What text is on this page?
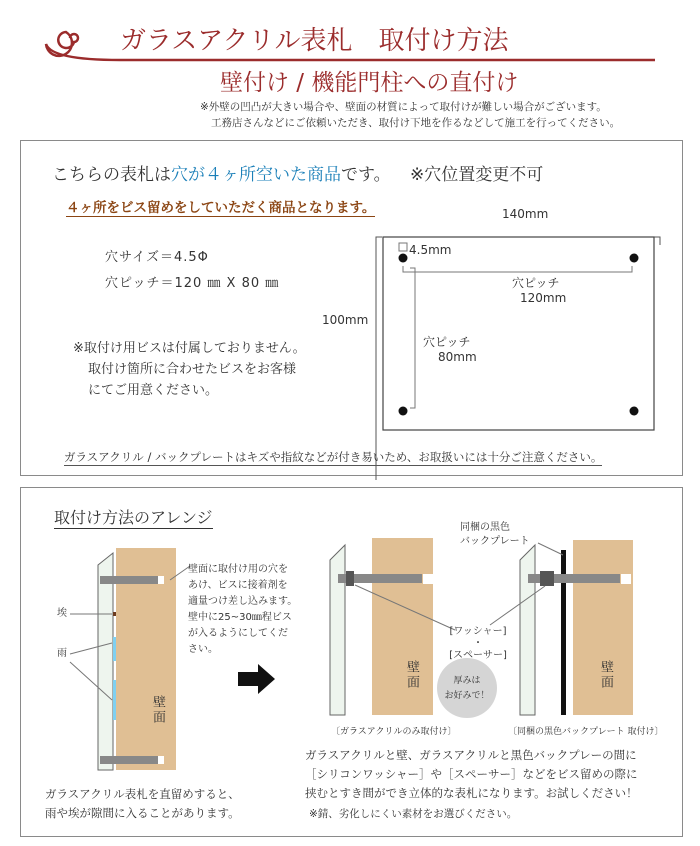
ガラスアクリル表札　取付け方法
壁付け / 機能門柱への直付け
※外壁の凹凸が大きい場合や、壁面の材質によって取付けが難しい場合がございます。
工務店さんなどにご依頼いただき、取付け下地を作るなどして施工を行ってください。
こちらの表札は穴が４ヶ所空いた商品です。 ※穴位置変更不可
４ヶ所をビス留めをしていただく商品となります。
穴サイズ＝4.5Φ
穴ピッチ＝120 ㎜ X 80 ㎜
※取付け用ビスは付属しておりません。
取付け箇所に合わせたビスをお客様
にてご用意ください。
140mm
100mm
4.5mm
穴ピッチ
120mm
穴ピッチ
80mm
ガラスアクリル / バックプレートはキズや指紋などが付き易いため、お取扱いには十分ご注意ください。
取付け方法のアレンジ
壁面に取付け用の穴を
あけ、ビスに接着剤を
適量つけ差し込みます。
壁中に25~30㎜程ビス
が入るようにしてくだ
さい。
埃
雨
壁面
ガラスアクリル表札を直留めすると、
雨や埃が隙間に入ることがあります。
同梱の黒色
バックプレート
[ワッシャー]
・
[スペーサー]
厚みは
お好みで！
壁面	壁面
〔ガラスアクリルのみ取付け〕	〔同梱の黒色バックプレート 取付け〕
ガラスアクリルと壁、ガラスアクリルと黒色バックプレーの間に
［シリコンワッシャー］や［スペーサー］などをビス留めの際に
挟むとすき間ができ立体的な表札になります。お試しください！
※錆、劣化しにくい素材をお選びください。
